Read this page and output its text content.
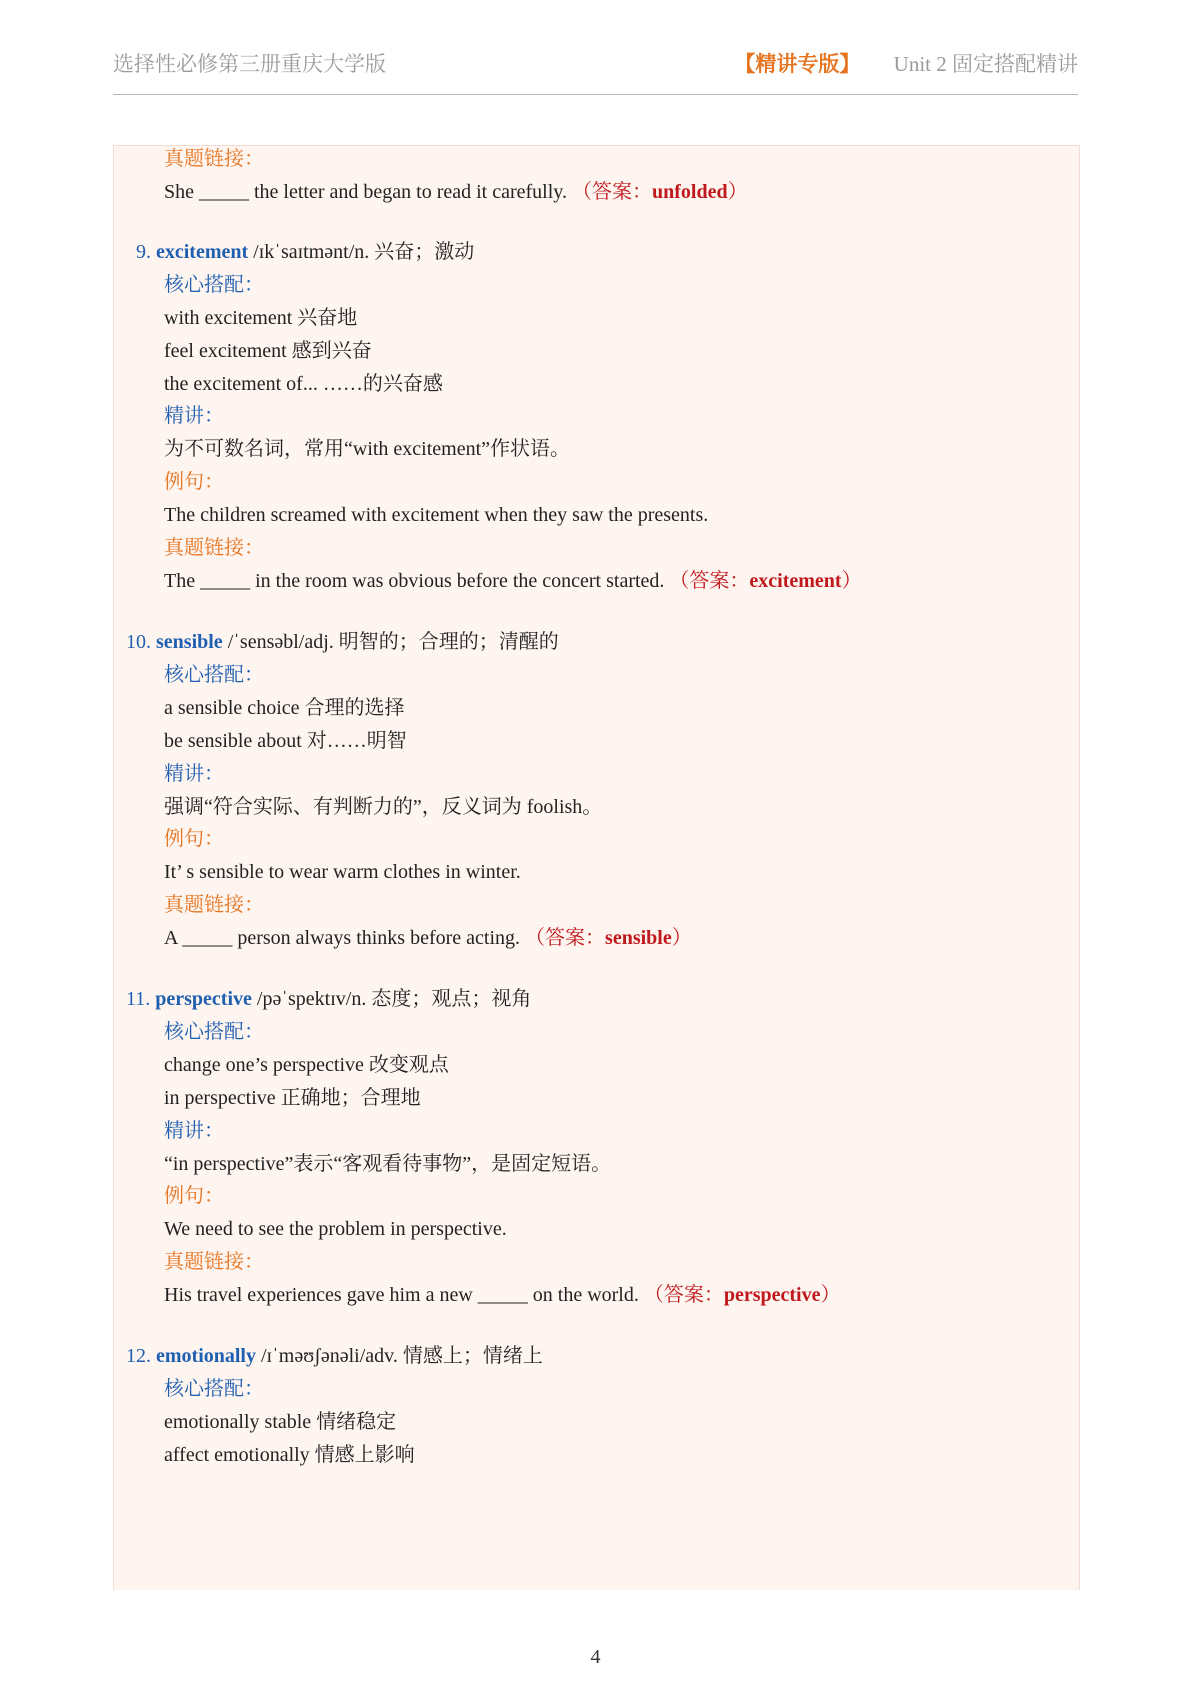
选择性必修第三册重庆大学版	【精讲专版】 Unit 2 固定搭配精讲
真题链接：
She _____ the letter and began to read it carefully. （答案：unfolded）
9. excitement /ɪkˈsaɪtmənt/n. 兴奋；激动
核心搭配：
with excitement 兴奋地
feel excitement 感到兴奋
the excitement of... ……的兴奋感
精讲：
为不可数名词，常用“with excitement”作状语。
例句：
The children screamed with excitement when they saw the presents.
真题链接：
The _____ in the room was obvious before the concert started. （答案：excitement）
10. sensible /ˈsensəbl/adj. 明智的；合理的；清醒的
核心搭配：
a sensible choice 合理的选择
be sensible about 对……明智
精讲：
强调“符合实际、有判断力的”，反义词为 foolish。
例句：
It’ s sensible to wear warm clothes in winter.
真题链接：
A _____ person always thinks before acting. （答案：sensible）
11. perspective /pəˈspektɪv/n. 态度；观点；视角
核心搭配：
change one’s perspective 改变观点
in perspective 正确地；合理地
精讲：
“in perspective”表示“客观看待事物”，是固定短语。
例句：
We need to see the problem in perspective.
真题链接：
His travel experiences gave him a new _____ on the world. （答案：perspective）
12. emotionally /ɪˈməʊʃənəli/adv. 情感上；情绪上
核心搭配：
emotionally stable 情绪稳定
affect emotionally 情感上影响
4
